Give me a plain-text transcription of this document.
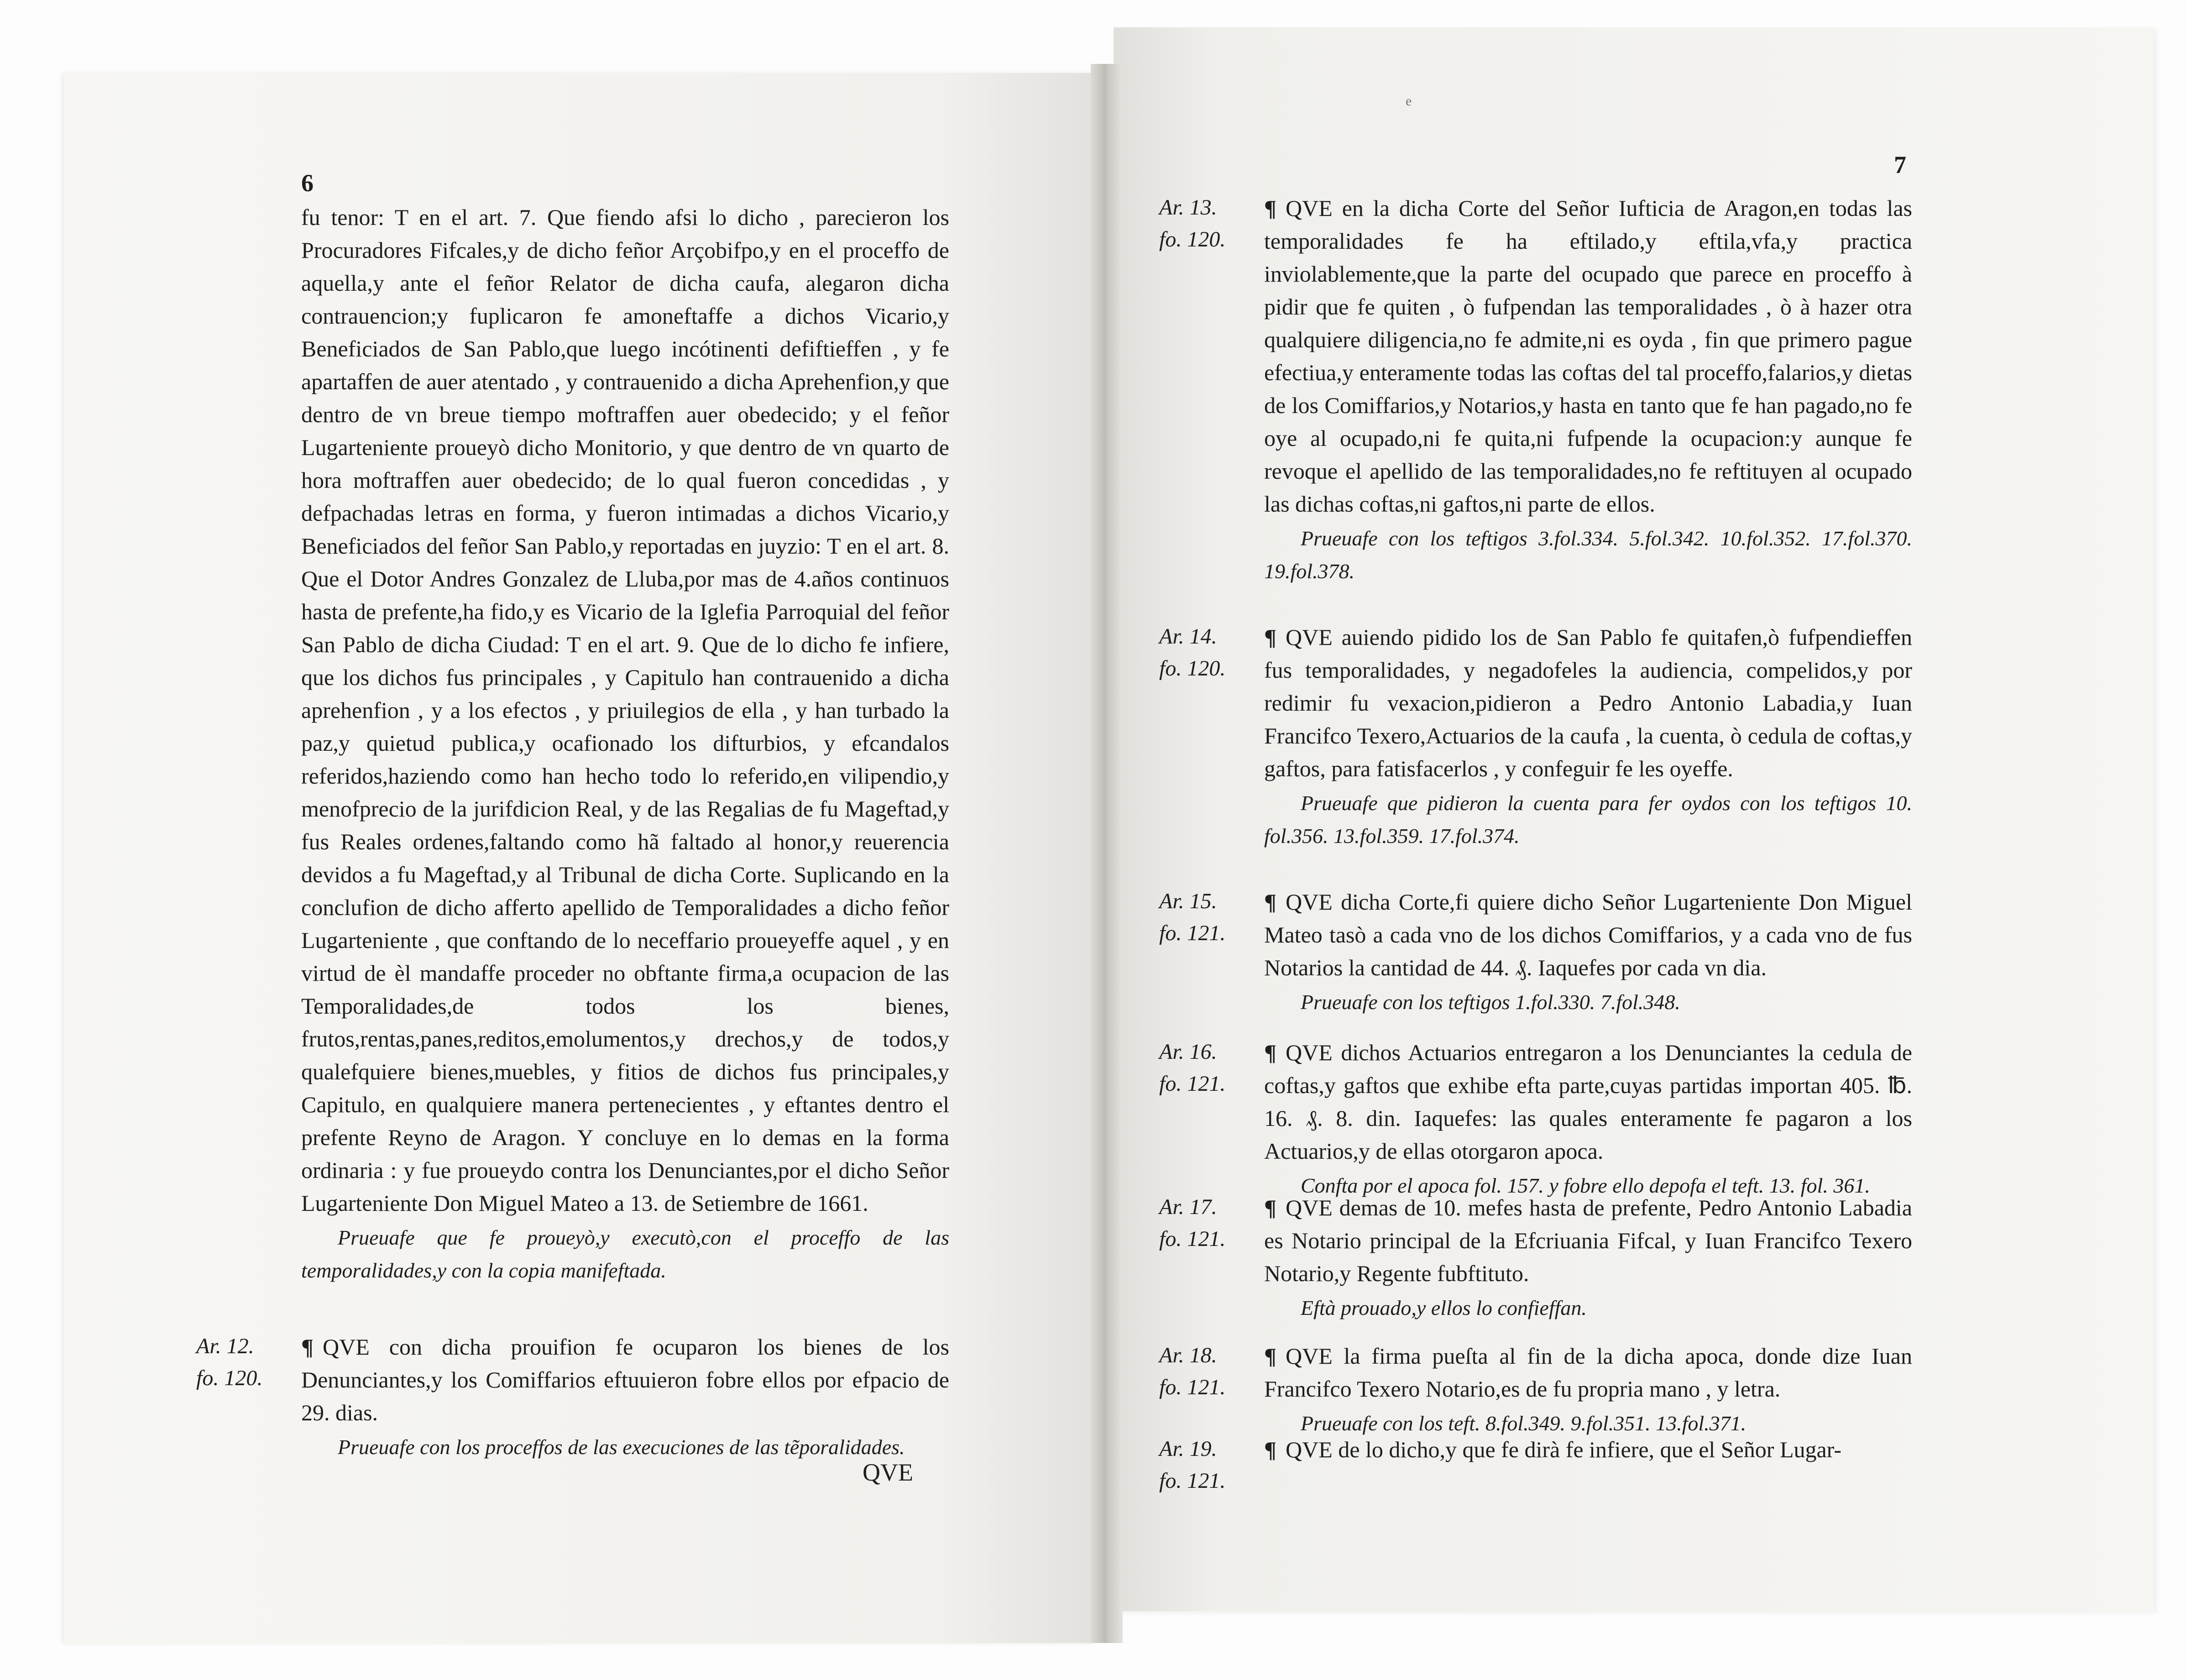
6

fu tenor: T en el art. 7. Que fiendo afsi lo dicho , parecieron los Procuradores Fifcales,y de dicho feñor Arçobifpo,y en el proceffo de aquella,y ante el feñor Relator de dicha caufa, alegaron dicha contrauencion;y fuplicaron fe amoneftaffe a dichos Vicario,y Beneficiados de San Pablo,que luego incótinenti defiftieffen , y fe apartaffen de auer atentado , y contrauenido a dicha Aprehenfion,y que dentro de vn breue tiempo moftraffen auer obedecido; y el feñor Lugarteniente proueyò dicho Monitorio, y que dentro de vn quarto de hora moftraffen auer obedecido; de lo qual fueron concedidas , y defpachadas letras en forma, y fueron intimadas a dichos Vicario,y Beneficiados del feñor San Pablo,y reportadas en juyzio: T en el art. 8. Que el Dotor Andres Gonzalez de Lluba,por mas de 4.años continuos hasta de prefente,ha fido,y es Vicario de la Iglefia Parroquial del feñor San Pablo de dicha Ciudad: T en el art. 9. Que de lo dicho fe infiere, que los dichos fus principales , y Capitulo han contrauenido a dicha aprehenfion , y a los efectos , y priuilegios de ella , y han turbado la paz,y quietud publica,y ocafionado los difturbios, y efcandalos referidos,haziendo como han hecho todo lo referido,en vilipendio,y menofprecio de la jurifdicion Real, y de las Regalias de fu Mageftad,y fus Reales ordenes,faltando como hã faltado al honor,y reuerencia devidos a fu Mageftad,y al Tribunal de dicha Corte. Suplicando en la conclufion de dicho afferto apellido de Temporalidades a dicho feñor Lugarteniente , que conftando de lo neceffario proueyeffe aquel , y en virtud de èl mandaffe proceder no obftante firma,a ocupacion de las Temporalidades,de todos los bienes, frutos,rentas,panes,reditos,emolumentos,y drechos,y de todos,y qualefquiere bienes,muebles, y fitios de dichos fus principales,y Capitulo, en qualquiere manera pertenecientes , y eftantes dentro el prefente Reyno de Aragon. Y concluye en lo demas en la forma ordinaria : y fue proueydo contra los Denunciantes,por el dicho Señor Lugarteniente Don Miguel Mateo a 13. de Setiembre de 1661.

Prueuafe que fe proueyò,y executò,con el proceffo de las temporalidades,y con la copia manifeftada.

Ar. 12.
fo. 120.

¶ QVE con dicha prouifion fe ocuparon los bienes de los Denunciantes,y los Comiffarios eftuuieron fobre ellos por efpacio de 29. dias.

Prueuafe con los proceffos de las execuciones de las tẽporalidades.

QVE
e
7
Ar. 13.
fo. 120.

¶ QVE en la dicha Corte del Señor Iufticia de Aragon,en todas las temporalidades fe ha eftilado,y eftila,vfa,y practica inviolablemente,que la parte del ocupado que parece en proceffo à pidir que fe quiten , ò fufpendan las temporalidades , ò à hazer otra qualquiere diligencia,no fe admite,ni es oyda , fin que primero pague efectiua,y enteramente todas las coftas del tal proceffo,falarios,y dietas de los Comiffarios,y Notarios,y hasta en tanto que fe han pagado,no fe oye al ocupado,ni fe quita,ni fufpende la ocupacion:y aunque fe revoque el apellido de las temporalidades,no fe reftituyen al ocupado las dichas coftas,ni gaftos,ni parte de ellos.

Prueuafe con los teftigos 3.fol.334. 5.fol.342. 10.fol.352. 17.fol.370. 19.fol.378.

Ar. 14.
fo. 120.

¶ QVE auiendo pidido los de San Pablo fe quitafen,ò fufpendieffen fus temporalidades, y negadofeles la audiencia, compelidos,y por redimir fu vexacion,pidieron a Pedro Antonio Labadia,y Iuan Francifco Texero,Actuarios de la caufa , la cuenta, ò cedula de coftas,y gaftos, para fatisfacerlos , y confeguir fe les oyeffe.

Prueuafe que pidieron la cuenta para fer oydos con los teftigos 10. fol.356. 13.fol.359. 17.fol.374.

Ar. 15.
fo. 121.

¶ QVE dicha Corte,fi quiere dicho Señor Lugarteniente Don Miguel Mateo tasò a cada vno de los dichos Comiffarios, y a cada vno de fus Notarios la cantidad de 44. ₰. Iaquefes por cada vn dia.

Prueuafe con los teftigos 1.fol.330. 7.fol.348.

Ar. 16.
fo. 121.

¶ QVE dichos Actuarios entregaron a los Denunciantes la cedula de coftas,y gaftos que exhibe efta parte,cuyas partidas importan 405. ℔. 16. ₰. 8. din. Iaquefes: las quales enteramente fe pagaron a los Actuarios,y de ellas otorgaron apoca.

Confta por el apoca fol. 157. y fobre ello depofa el teft. 13. fol. 361.

Ar. 17.
fo. 121.

¶ QVE demas de 10. mefes hasta de prefente, Pedro Antonio Labadia es Notario principal de la Efcriuania Fifcal, y Iuan Francifco Texero Notario,y Regente fubftituto.

Eftà prouado,y ellos lo confieffan.

Ar. 18.
fo. 121.

¶ QVE la firma pueſta al fin de la dicha apoca, donde dize Iuan Francifco Texero Notario,es de fu propria mano , y letra.

Prueuafe con los teft. 8.fol.349. 9.fol.351. 13.fol.371.

Ar. 19.
fo. 121.

¶ QVE de lo dicho,y que fe dirà fe infiere, que el Señor Lugar-
